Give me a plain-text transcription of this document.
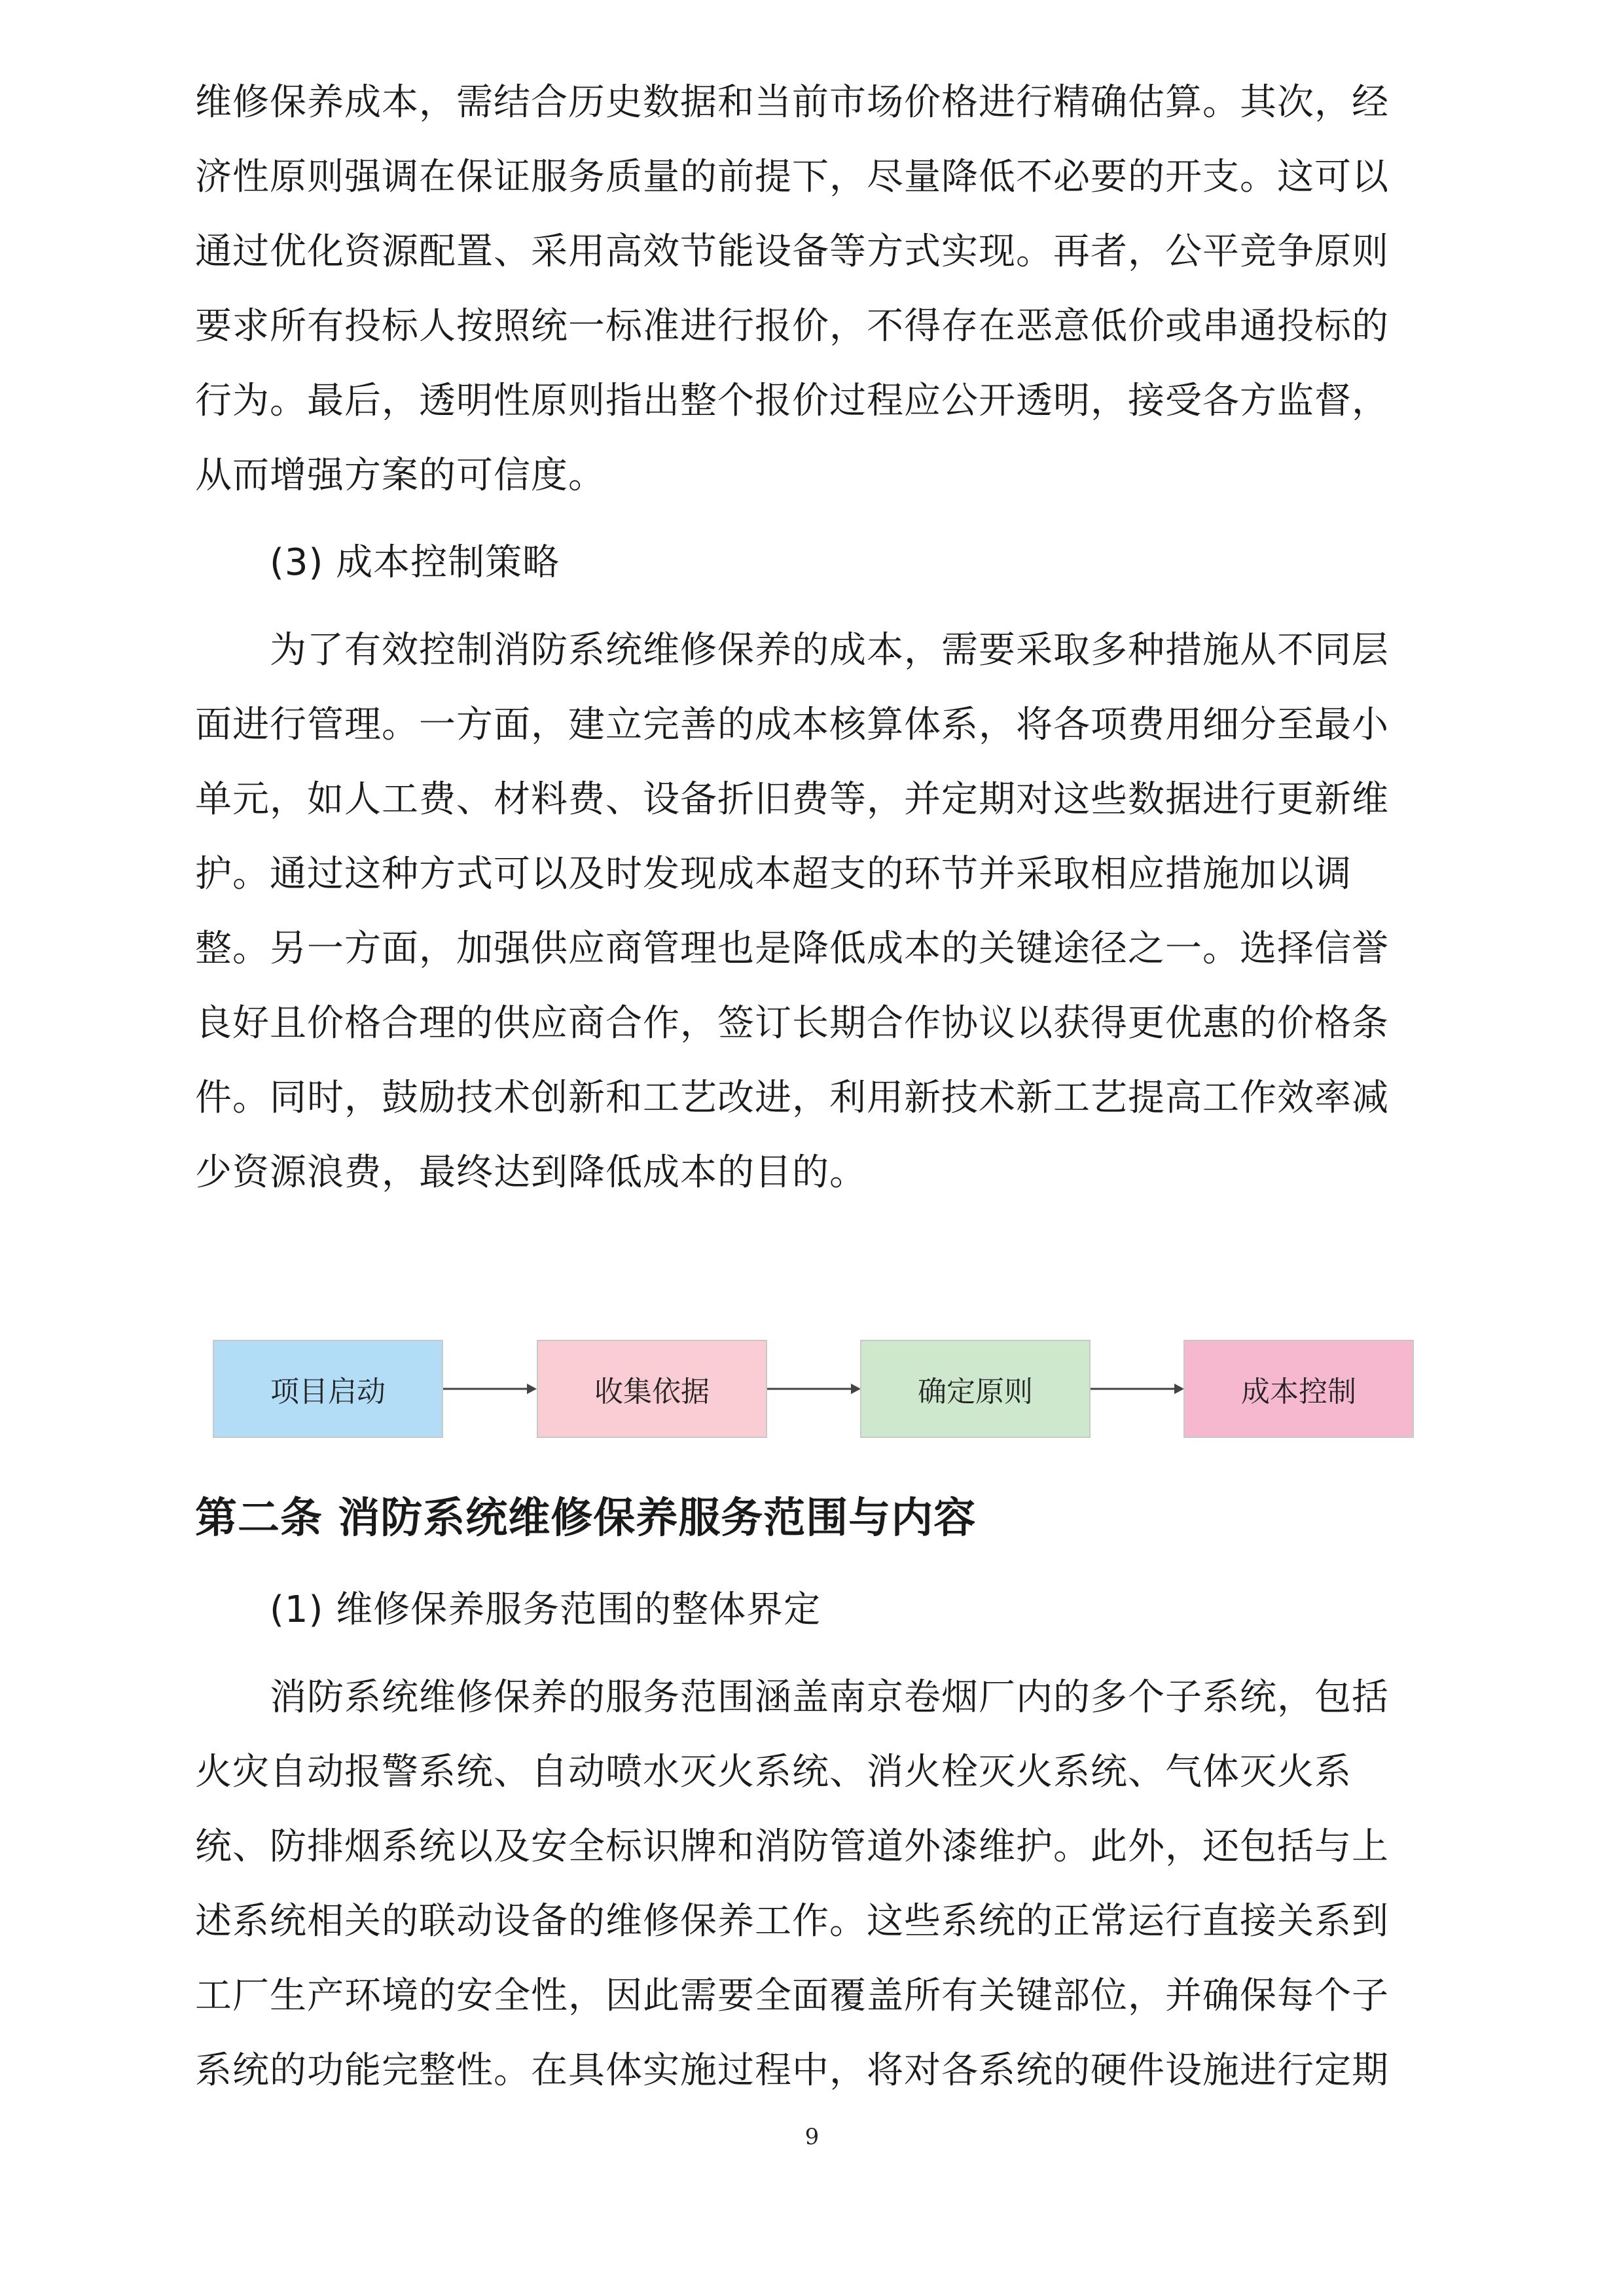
维修保养成本，需结合历史数据和当前市场价格进行精确估算。其次，经
济性原则强调在保证服务质量的前提下，尽量降低不必要的开支。这可以
通过优化资源配置、采用高效节能设备等方式实现。再者，公平竞争原则
要求所有投标人按照统一标准进行报价，不得存在恶意低价或串通投标的
行为。最后，透明性原则指出整个报价过程应公开透明，接受各方监督，
从而增强方案的可信度。
(3) 成本控制策略
　　为了有效控制消防系统维修保养的成本，需要采取多种措施从不同层
面进行管理。一方面，建立完善的成本核算体系，将各项费用细分至最小
单元，如人工费、材料费、设备折旧费等，并定期对这些数据进行更新维
护。通过这种方式可以及时发现成本超支的环节并采取相应措施加以调
整。另一方面，加强供应商管理也是降低成本的关键途径之一。选择信誉
良好且价格合理的供应商合作，签订长期合作协议以获得更优惠的价格条
件。同时，鼓励技术创新和工艺改进，利用新技术新工艺提高工作效率减
少资源浪费，最终达到降低成本的目的。
项目启动	收集依据	确定原则	成本控制
第二条 消防系统维修保养服务范围与内容
(1) 维修保养服务范围的整体界定
　　消防系统维修保养的服务范围涵盖南京卷烟厂内的多个子系统，包括
火灾自动报警系统、自动喷水灭火系统、消火栓灭火系统、气体灭火系
统、防排烟系统以及安全标识牌和消防管道外漆维护。此外，还包括与上
述系统相关的联动设备的维修保养工作。这些系统的正常运行直接关系到
工厂生产环境的安全性，因此需要全面覆盖所有关键部位，并确保每个子
系统的功能完整性。在具体实施过程中，将对各系统的硬件设施进行定期
9
